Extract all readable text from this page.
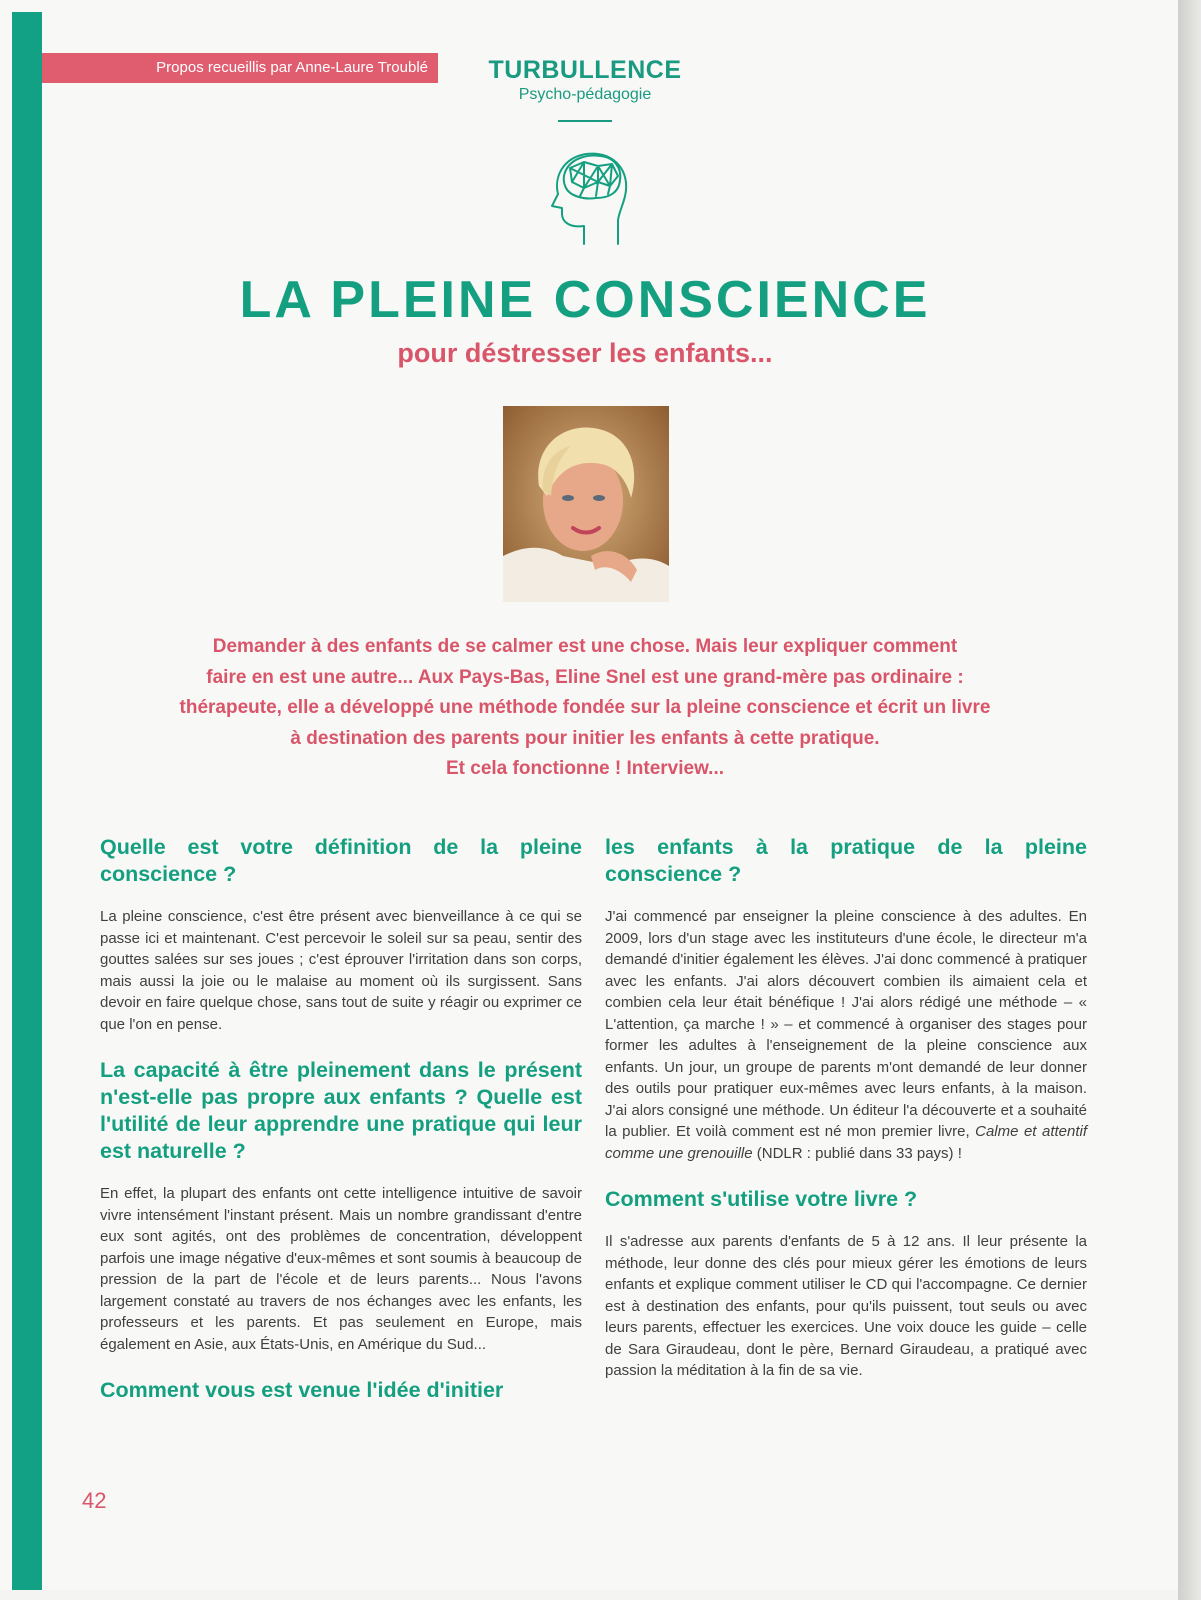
Propos recueillis par Anne-Laure Troublé	TURBULLENCE
Psycho-pédagogie
LA PLEINE CONSCIENCE
pour déstresser les enfants...

Demander à des enfants de se calmer est une chose. Mais leur expliquer comment

faire en est une autre... Aux Pays-Bas, Eline Snel est une grand-mère pas ordinaire :

thérapeute, elle a développé une méthode fondée sur la pleine conscience et écrit un livre

à destination des parents pour initier les enfants à cette pratique.

Et cela fonctionne ! Interview...

Quelle est votre définition de la pleine conscience ?

La pleine conscience, c'est être présent avec bienveillance à ce qui se passe ici et maintenant. C'est percevoir le soleil sur sa peau, sentir des gouttes salées sur ses joues ; c'est éprouver l'irritation dans son corps, mais aussi la joie ou le malaise au moment où ils surgissent. Sans devoir en faire quelque chose, sans tout de suite y réagir ou exprimer ce que l'on en pense.

La capacité à être pleinement dans le présent n'est-elle pas propre aux enfants ? Quelle est l'utilité de leur apprendre une pratique qui leur est naturelle ?

En effet, la plupart des enfants ont cette intelligence intuitive de savoir vivre intensément l'instant présent. Mais un nombre grandissant d'entre eux sont agités, ont des problèmes de concentration, développent parfois une image négative d'eux-mêmes et sont soumis à beaucoup de pression de la part de l'école et de leurs parents... Nous l'avons largement constaté au travers de nos échanges avec les enfants, les professeurs et les parents. Et pas seulement en Europe, mais également en Asie, aux États-Unis, en Amérique du Sud...

Comment vous est venue l'idée d'initier

les enfants à la pratique de la pleine conscience ?

J'ai commencé par enseigner la pleine conscience à des adultes. En 2009, lors d'un stage avec les instituteurs d'une école, le directeur m'a demandé d'initier également les élèves. J'ai donc commencé à pratiquer avec les enfants. J'ai alors découvert combien ils aimaient cela et combien cela leur était bénéfique ! J'ai alors rédigé une méthode – « L'attention, ça marche ! » – et commencé à organiser des stages pour former les adultes à l'enseignement de la pleine conscience aux enfants. Un jour, un groupe de parents m'ont demandé de leur donner des outils pour pratiquer eux-mêmes avec leurs enfants, à la maison. J'ai alors consigné une méthode. Un éditeur l'a découverte et a souhaité la publier. Et voilà comment est né mon premier livre, Calme et attentif comme une grenouille (NDLR : publié dans 33 pays) !

Comment s'utilise votre livre ?

Il s'adresse aux parents d'enfants de 5 à 12 ans. Il leur présente la méthode, leur donne des clés pour mieux gérer les émotions de leurs enfants et explique comment utiliser le CD qui l'accompagne. Ce dernier est à destination des enfants, pour qu'ils puissent, tout seuls ou avec leurs parents, effectuer les exercices. Une voix douce les guide – celle de Sara Giraudeau, dont le père, Bernard Giraudeau, a pratiqué avec passion la méditation à la fin de sa vie.

42
